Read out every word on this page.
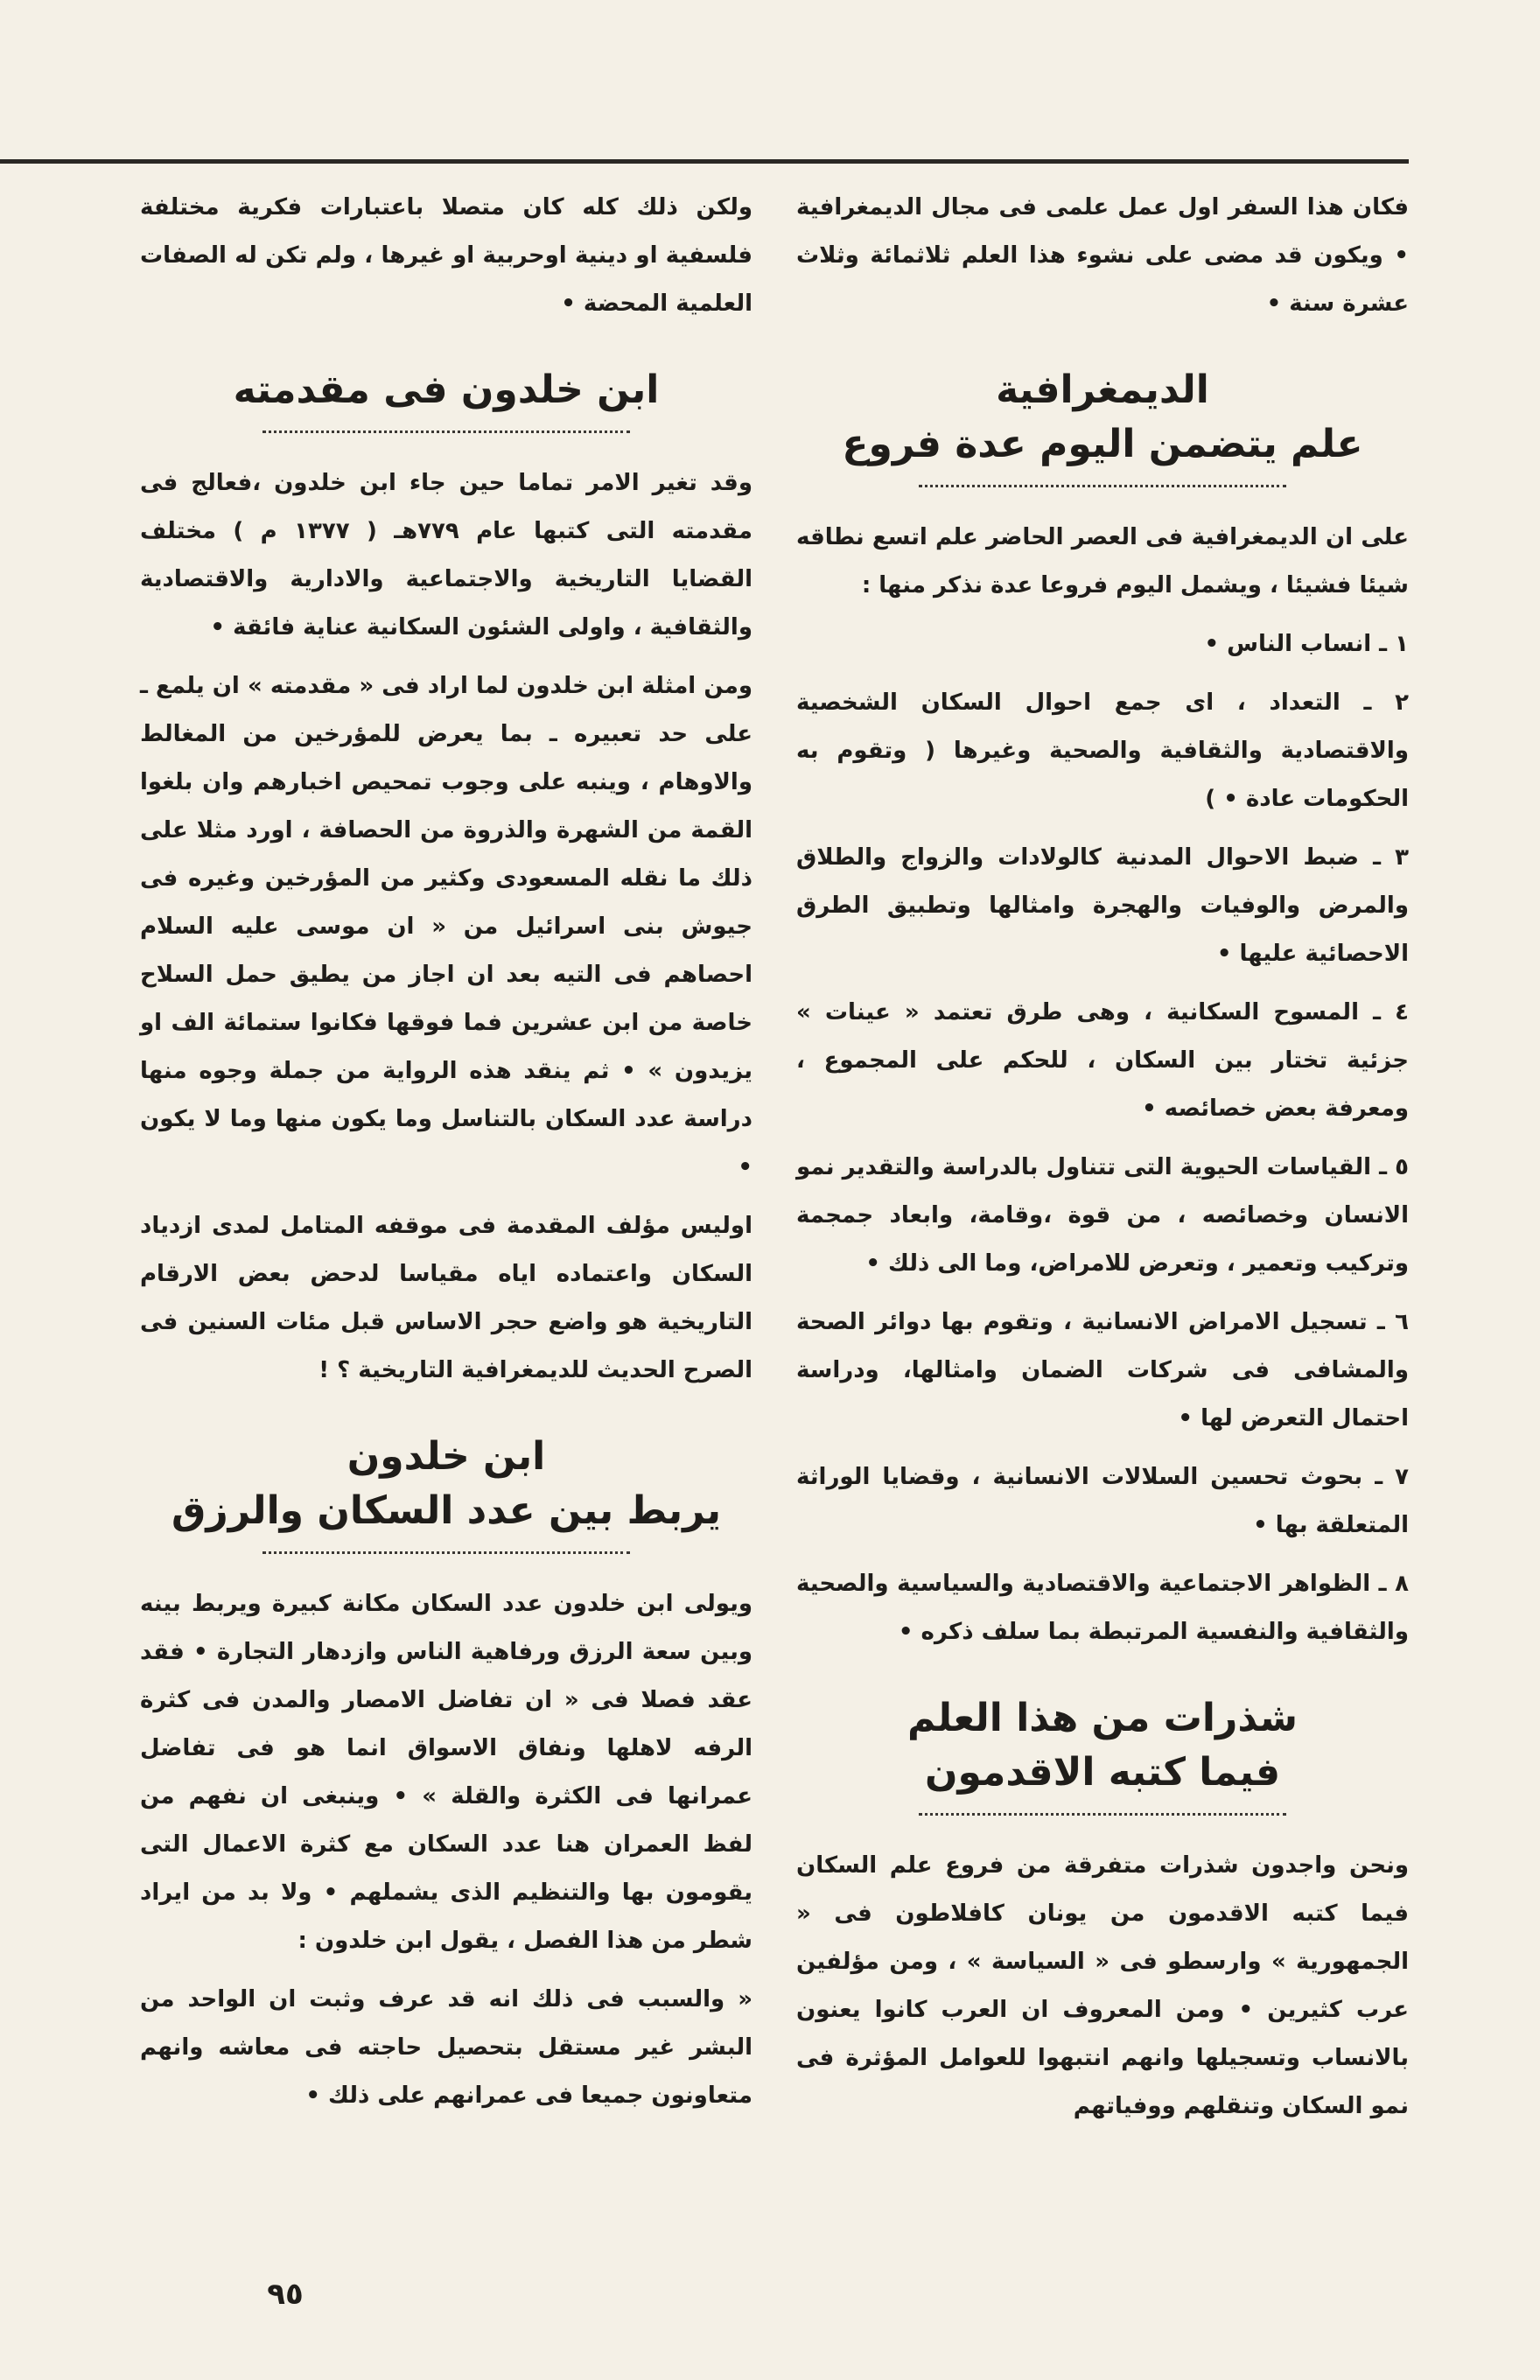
فكان هذا السفر اول عمل علمى فى مجال الديمغرافية • ويكون قد مضى على نشوء هذا العلم ثلاثمائة وثلاث عشرة سنة •

الديمغرافية
علم يتضمن اليوم عدة فروع

على ان الديمغرافية فى العصر الحاضر علم اتسع نطاقه شيئا فشيئا ، ويشمل اليوم فروعا عدة نذكر منها :

١ ـ انساب الناس •

٢ ـ التعداد ، اى جمع احوال السكان الشخصية والاقتصادية والثقافية والصحية وغيرها ( وتقوم به الحكومات عادة • )

٣ ـ ضبط الاحوال المدنية كالولادات والزواج والطلاق والمرض والوفيات والهجرة وامثالها وتطبيق الطرق الاحصائية عليها •

٤ ـ المسوح السكانية ، وهى طرق تعتمد « عينات » جزئية تختار بين السكان ، للحكم على المجموع ، ومعرفة بعض خصائصه •

٥ ـ القياسات الحيوية التى تتناول بالدراسة والتقدير نمو الانسان وخصائصه ، من قوة ،وقامة، وابعاد جمجمة وتركيب وتعمير ، وتعرض للامراض، وما الى ذلك •

٦ ـ تسجيل الامراض الانسانية ، وتقوم بها دوائر الصحة والمشافى فى شركات الضمان وامثالها، ودراسة احتمال التعرض لها •

٧ ـ بحوث تحسين السلالات الانسانية ، وقضايا الوراثة المتعلقة بها •

٨ ـ الظواهر الاجتماعية والاقتصادية والسياسية والصحية والثقافية والنفسية المرتبطة بما سلف ذكره •

شذرات من هذا العلم
فيما كتبه الاقدمون

ونحن واجدون شذرات متفرقة من فروع علم السكان فيما كتبه الاقدمون من يونان كافلاطون فى « الجمهورية » وارسطو فى « السياسة » ، ومن مؤلفين عرب كثيرين • ومن المعروف ان العرب كانوا يعنون بالانساب وتسجيلها وانهم انتبهوا للعوامل المؤثرة فى نمو السكان وتنقلهم ووفياتهم

ولكن ذلك كله كان متصلا باعتبارات فكرية مختلفة فلسفية او دينية اوحربية او غيرها ، ولم تكن له الصفات العلمية المحضة •

ابن خلدون فى مقدمته

وقد تغير الامر تماما حين جاء ابن خلدون ،فعالج فى مقدمته التى كتبها عام ٧٧٩هـ ( ١٣٧٧ م ) مختلف القضايا التاريخية والاجتماعية والادارية والاقتصادية والثقافية ، واولى الشئون السكانية عناية فائقة •

ومن امثلة ابن خلدون لما اراد فى « مقدمته » ان يلمع ـ على حد تعبيره ـ بما يعرض للمؤرخين من المغالط والاوهام ، وينبه على وجوب تمحيص اخبارهم وان بلغوا القمة من الشهرة والذروة من الحصافة ، اورد مثلا على ذلك ما نقله المسعودى وكثير من المؤرخين وغيره فى جيوش بنى اسرائيل من « ان موسى عليه السلام احصاهم فى التيه بعد ان اجاز من يطيق حمل السلاح خاصة من ابن عشرين فما فوقها فكانوا ستمائة الف او يزيدون » • ثم ينقد هذه الرواية من جملة وجوه منها دراسة عدد السكان بالتناسل وما يكون منها وما لا يكون •

اوليس مؤلف المقدمة فى موقفه المتامل لمدى ازدياد السكان واعتماده اياه مقياسا لدحض بعض الارقام التاريخية هو واضع حجر الاساس قبل مئات السنين فى الصرح الحديث للديمغرافية التاريخية ؟ !

ابن خلدون
يربط بين عدد السكان والرزق

ويولى ابن خلدون عدد السكان مكانة كبيرة ويربط بينه وبين سعة الرزق ورفاهية الناس وازدهار التجارة • فقد عقد فصلا فى « ان تفاضل الامصار والمدن فى كثرة الرفه لاهلها ونفاق الاسواق انما هو فى تفاضل عمرانها فى الكثرة والقلة » • وينبغى ان نفهم من لفظ العمران هنا عدد السكان مع كثرة الاعمال التى يقومون بها والتنظيم الذى يشملهم • ولا بد من ايراد شطر من هذا الفصل ، يقول ابن خلدون :

« والسبب فى ذلك انه قد عرف وثبت ان الواحد من البشر غير مستقل بتحصيل حاجته فى معاشه وانهم متعاونون جميعا فى عمرانهم على ذلك •

٩٥
